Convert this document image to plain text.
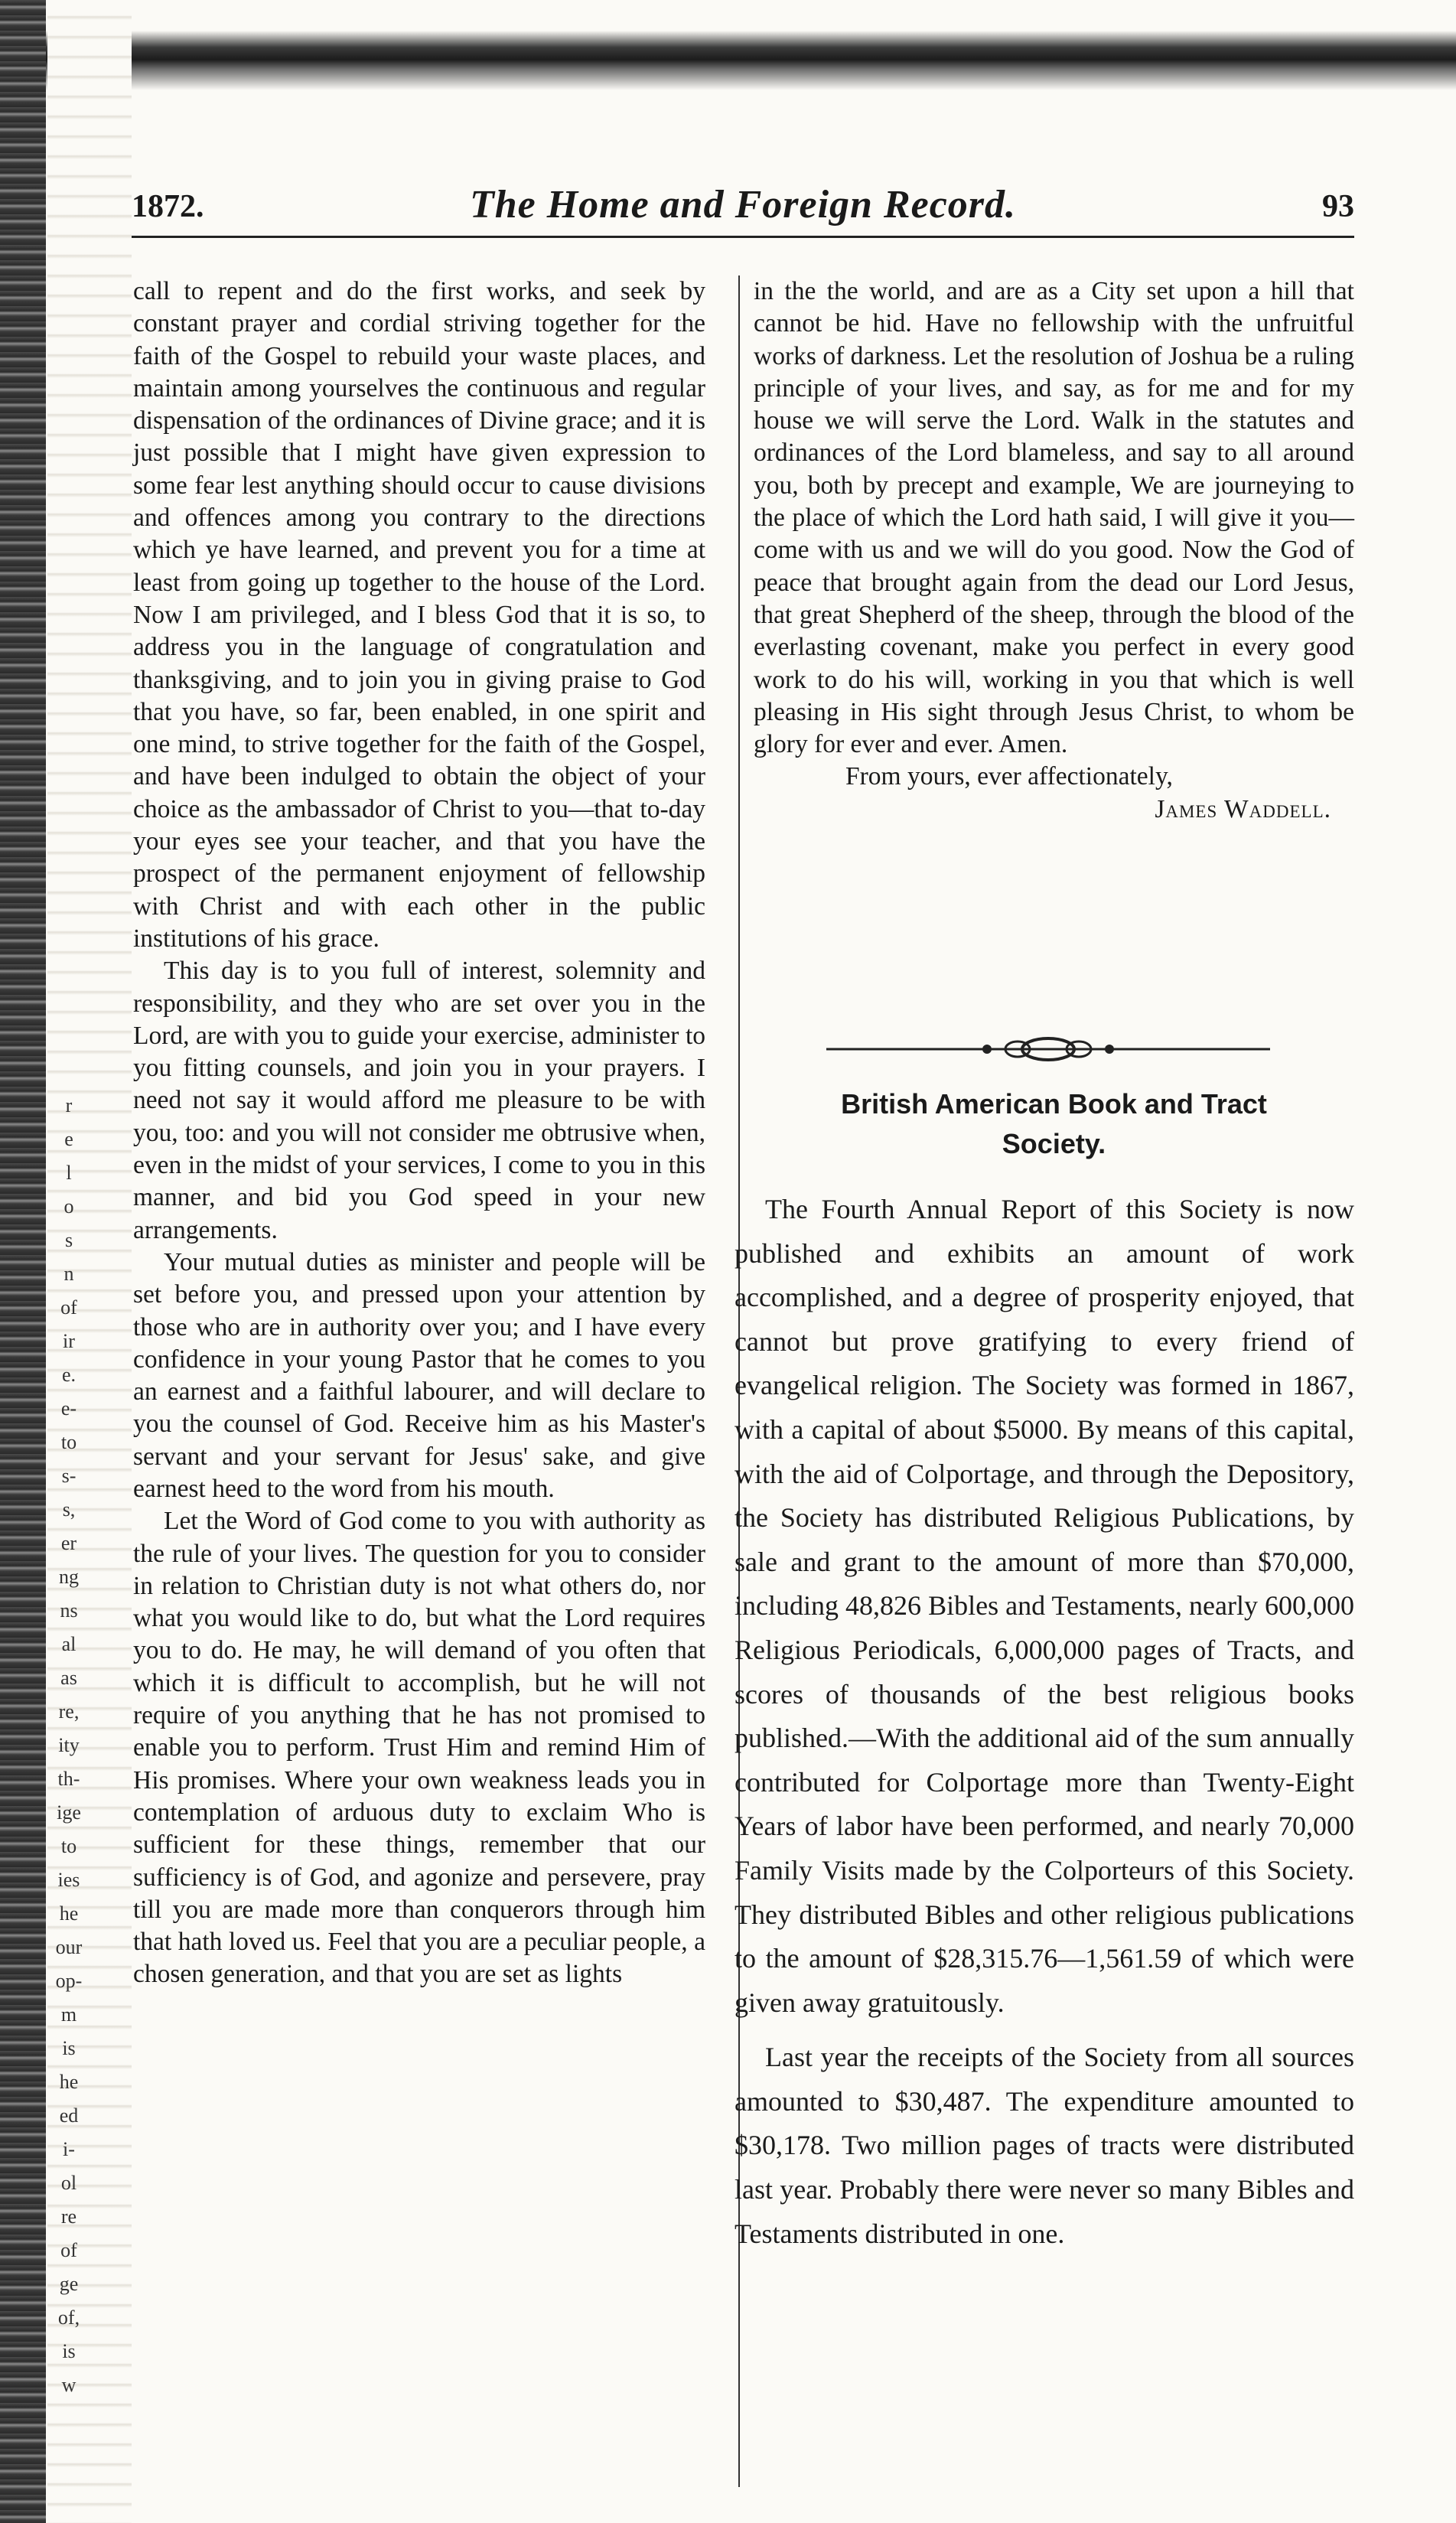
r
e
l
o
s
n
of
ir
e.
e-
to
s-
s,
er
ng
ns
al
as
re,
ity
th-
ige
to
ies
he
our
op-
m
is
he
ed
i-
ol
re
of
ge
of,
is
w
1872.	The Home and Foreign Record.	93

call to repent and do the first works, and seek by constant prayer and cordial striving together for the faith of the Gospel to rebuild your waste places, and maintain among yourselves the continuous and regular dispensation of the ordinances of Divine grace; and it is just possible that I might have given expression to some fear lest anything should occur to cause divisions and offences among you contrary to the directions which ye have learned, and prevent you for a time at least from going up together to the house of the Lord. Now I am privileged, and I bless God that it is so, to address you in the language of congratulation and thanksgiving, and to join you in giving praise to God that you have, so far, been enabled, in one spirit and one mind, to strive together for the faith of the Gospel, and have been indulged to obtain the object of your choice as the ambassador of Christ to you—that to-day your eyes see your teacher, and that you have the prospect of the permanent enjoyment of fellowship with Christ and with each other in the public institutions of his grace.

This day is to you full of interest, solemnity and responsibility, and they who are set over you in the Lord, are with you to guide your exercise, administer to you fitting counsels, and join you in your prayers. I need not say it would afford me pleasure to be with you, too: and you will not consider me obtrusive when, even in the midst of your services, I come to you in this manner, and bid you God speed in your new arrangements.

Your mutual duties as minister and people will be set before you, and pressed upon your attention by those who are in authority over you; and I have every confidence in your young Pastor that he comes to you an earnest and a faithful labourer, and will declare to you the counsel of God. Receive him as his Master's servant and your servant for Jesus' sake, and give earnest heed to the word from his mouth.

Let the Word of God come to you with authority as the rule of your lives. The question for you to consider in relation to Christian duty is not what others do, nor what you would like to do, but what the Lord requires you to do. He may, he will demand of you often that which it is difficult to accomplish, but he will not require of you anything that he has not promised to enable you to perform. Trust Him and remind Him of His promises. Where your own weakness leads you in contemplation of arduous duty to exclaim Who is sufficient for these things, remember that our sufficiency is of God, and agonize and persevere, pray till you are made more than conquerors through him that hath loved us. Feel that you are a peculiar people, a chosen generation, and that you are set as lights

in the the world, and are as a City set upon a hill that cannot be hid. Have no fellowship with the unfruitful works of darkness. Let the resolution of Joshua be a ruling principle of your lives, and say, as for me and for my house we will serve the Lord. Walk in the statutes and ordinances of the Lord blameless, and say to all around you, both by precept and example, We are journeying to the place of which the Lord hath said, I will give it you—come with us and we will do you good. Now the God of peace that brought again from the dead our Lord Jesus, that great Shepherd of the sheep, through the blood of the everlasting covenant, make you perfect in every good work to do his will, working in you that which is well pleasing in His sight through Jesus Christ, to whom be glory for ever and ever. Amen.

From yours, ever affectionately,

James Waddell.

British American Book and Tract
Society.

The Fourth Annual Report of this Society is now published and exhibits an amount of work accomplished, and a degree of prosperity enjoyed, that cannot but prove gratifying to every friend of evangelical religion. The Society was formed in 1867, with a capital of about $5000. By means of this capital, with the aid of Colportage, and through the Depository, the Society has distributed Religious Publications, by sale and grant to the amount of more than $70,000, including 48,826 Bibles and Testaments, nearly 600,000 Religious Periodicals, 6,000,000 pages of Tracts, and scores of thousands of the best religious books published.—With the additional aid of the sum annually contributed for Colportage more than Twenty-Eight Years of labor have been performed, and nearly 70,000 Family Visits made by the Colporteurs of this Society. They distributed Bibles and other religious publications to the amount of $28,315.76—1,561.59 of which were given away gratuitously.

Last year the receipts of the Society from all sources amounted to $30,487. The expenditure amounted to $30,178. Two million pages of tracts were distributed last year. Probably there were never so many Bibles and Testaments distributed in one.
